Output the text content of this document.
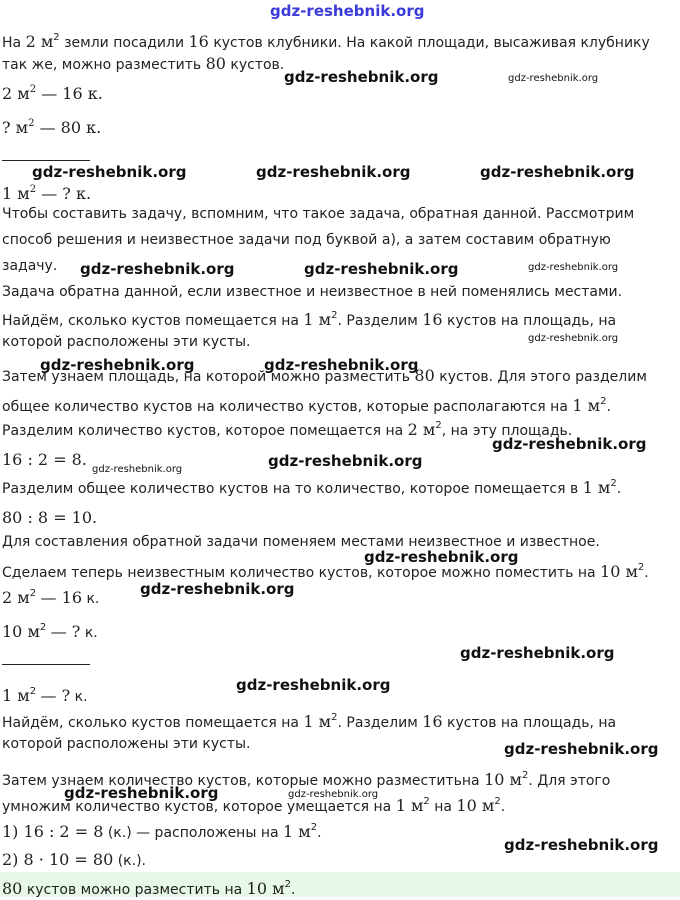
gdz-reshebnik.org
На 2 $м^2$ земли посадили 16 кустов клубники. На какой площади, высаживая клубнику
так же, можно разместить 80 кустов.
2 $м^2$ — 16 к.
? $м^2$ — 80 к.
1 $м^2$ — ? к.
Чтобы составить задачу, вспомним, что такое задача, обратная данной. Рассмотрим
способ решения и неизвестное задачи под буквой а), а затем составим обратную
задачу.
Задача обратна данной, если известное и неизвестное в ней поменялись местами.
Найдём, сколько кустов помещается на 1 $м^2$. Разделим 16 кустов на площадь, на
которой расположены эти кусты.
Затем узнаем площадь, на которой можно разместить 80 кустов. Для этого разделим
общее количество кустов на количество кустов, которые располагаются на 1 $м^2$.
Разделим количество кустов, которое помещается на 2 $м^2$, на эту площадь.
16 : 2 = 8.
Разделим общее количество кустов на то количество, которое помещается в 1 $м^2$.
80 : 8 = 10.
Для составления обратной задачи поменяем местами неизвестное и известное.
Сделаем теперь неизвестным количество кустов, которое можно поместить на 10 $м^2$.
2 $м^2$ — 16 к.
10 $м^2$ — ? к.
1 $м^2$ — ? к.
Найдём, сколько кустов помещается на 1 $м^2$. Разделим 16 кустов на площадь, на
которой расположены эти кусты.
Затем узнаем количество кустов, которые можно разместитьна 10 $м^2$. Для этого
умножим количество кустов, которое умещается на 1 $м^2$ на 10 $м^2$.
1) 16 : 2 = 8 (к.) — расположены на 1 $м^2$.
2) 8 · 10 = 80 (к.).
80 кустов можно разместить на 10 $м^2$.
gdz-reshebnik.org	gdz-reshebnik.org
gdz-reshebnik.org	gdz-reshebnik.org	gdz-reshebnik.org
gdz-reshebnik.org	gdz-reshebnik.org	gdz-reshebnik.org
gdz-reshebnik.org
gdz-reshebnik.org	gdz-reshebnik.org
gdz-reshebnik.org
gdz-reshebnik.org	gdz-reshebnik.org
gdz-reshebnik.org
gdz-reshebnik.org
gdz-reshebnik.org
gdz-reshebnik.org
gdz-reshebnik.org
gdz-reshebnik.org	gdz-reshebnik.org
gdz-reshebnik.org
